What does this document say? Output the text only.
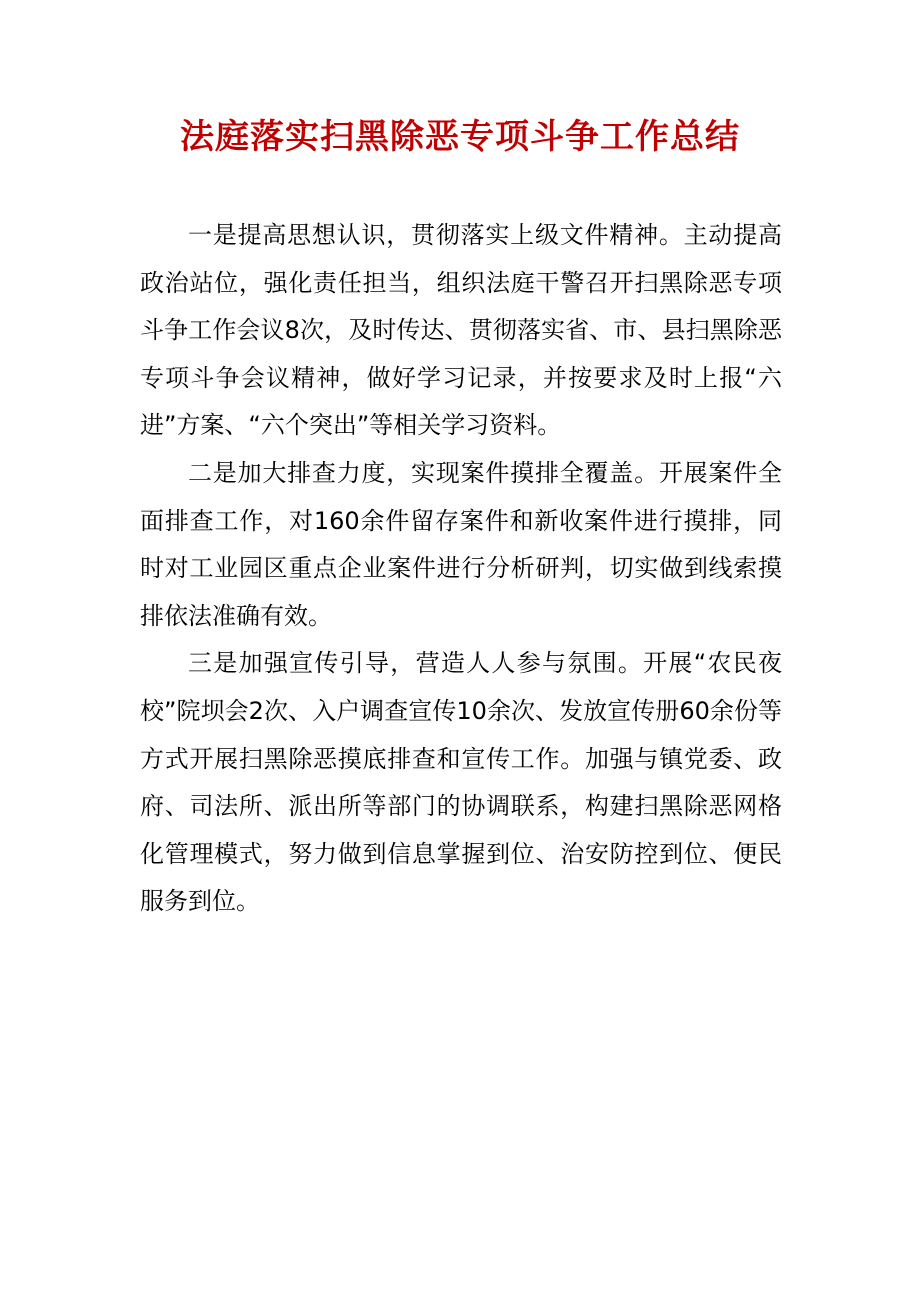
法庭落实扫黑除恶专项斗争工作总结

一是提高思想认识，贯彻落实上级文件精神。主动提高政治站位，强化责任担当，组织法庭干警召开扫黑除恶专项斗争工作会议8次，及时传达、贯彻落实省、市、县扫黑除恶专项斗争会议精神，做好学习记录，并按要求及时上报“六进”方案、“六个突出”等相关学习资料。

二是加大排查力度，实现案件摸排全覆盖。开展案件全面排查工作，对160余件留存案件和新收案件进行摸排，同时对工业园区重点企业案件进行分析研判，切实做到线索摸排依法准确有效。

三是加强宣传引导，营造人人参与氛围。开展“农民夜校”院坝会2次、入户调查宣传10余次、发放宣传册60余份等方式开展扫黑除恶摸底排查和宣传工作。加强与镇党委、政府、司法所、派出所等部门的协调联系，构建扫黑除恶网格化管理模式，努力做到信息掌握到位、治安防控到位、便民服务到位。
